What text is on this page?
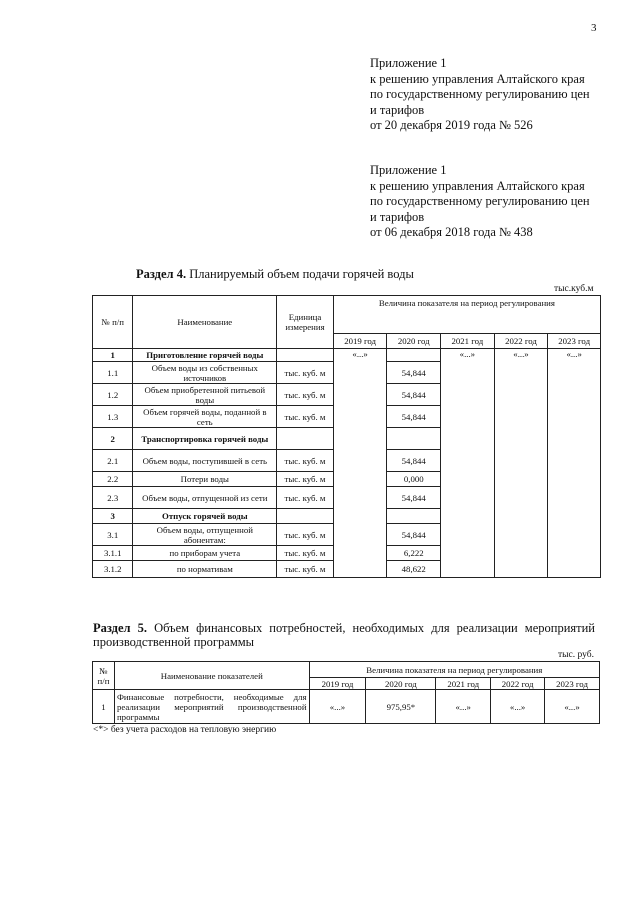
3
Приложение 1
к решению управления Алтайского края
по государственному регулированию цен
и тарифов
от 20 декабря 2019 года № 526
Приложение 1
к решению управления Алтайского края
по государственному регулированию цен
и тарифов
от 06 декабря 2018 года № 438
Раздел 4. Планируемый объем подачи горячей воды
тыс.куб.м
№ п/п	Наименование	Единица измерения	Величина показателя на период регулирования				
			2019 год	2020 год	2021 год	2022 год	2023 год
1	Приготовление горячей воды		«...»		«...»	«...»	«...»
1.1	Объем воды из собственных источников	тыс. куб. м		54,844			
1.2	Объем приобретенной питьевой воды	тыс. куб. м		54,844			
1.3	Объем горячей воды, поданной в сеть	тыс. куб. м		54,844			
2	Транспортировка горячей воды						
2.1	Объем воды, поступившей в сеть	тыс. куб. м		54,844			
2.2	Потери воды	тыс. куб. м		0,000			
2.3	Объем воды, отпущенной из сети	тыс. куб. м		54,844			
3	Отпуск горячей воды						
3.1	Объем воды, отпущенной абонентам:	тыс. куб. м		54,844			
3.1.1	по приборам учета	тыс. куб. м		6,222			
3.1.2	по нормативам	тыс. куб. м		48,622			
Раздел 5. Объем финансовых потребностей, необходимых для реализации мероприятий производственной программы
тыс. руб.
№ п/п	Наименование показателей	Величина показателя на период регулирования				
		2019 год	2020 год	2021 год	2022 год	2023 год
1	Финансовые потребности, необходимые для реализации мероприятий производственной программы	«...»	975,95*	«...»	«...»	«...»
<*> без учета расходов на тепловую энергию
